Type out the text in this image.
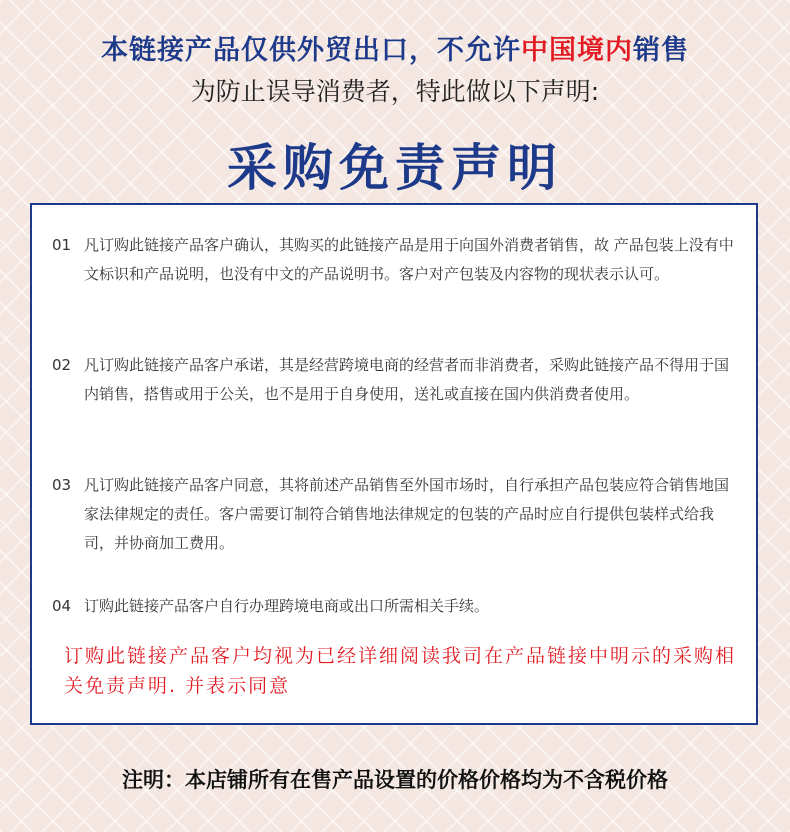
本链接产品仅供外贸出口，不允许中国境内销售
为防止误导消费者，特此做以下声明:
采购免责声明
01 凡订购此链接产品客户确认，其购买的此链接产品是用于向国外消费者销售，故 产品包装上没有中文标识和产品说明，也没有中文的产品说明书。客户对产包装及内容物的现状表示认可。
02 凡订购此链接产品客户承诺，其是经营跨境电商的经营者而非消费者，采购此链接产品不得用于国内销售，搭售或用于公关，也不是用于自身使用，送礼或直接在国内供消费者使用。
03 凡订购此链接产品客户同意，其将前述产品销售至外国市场时，自行承担产品包装应符合销售地国家法律规定的责任。客户需要订制符合销售地法律规定的包装的产品时应自行提供包装样式给我司，并协商加工费用。
04 订购此链接产品客户自行办理跨境电商或出口所需相关手续。
订购此链接产品客户均视为已经详细阅读我司在产品链接中明示的采购相关免责声明. 并表示同意
注明：本店铺所有在售产品设置的价格价格均为不含税价格
